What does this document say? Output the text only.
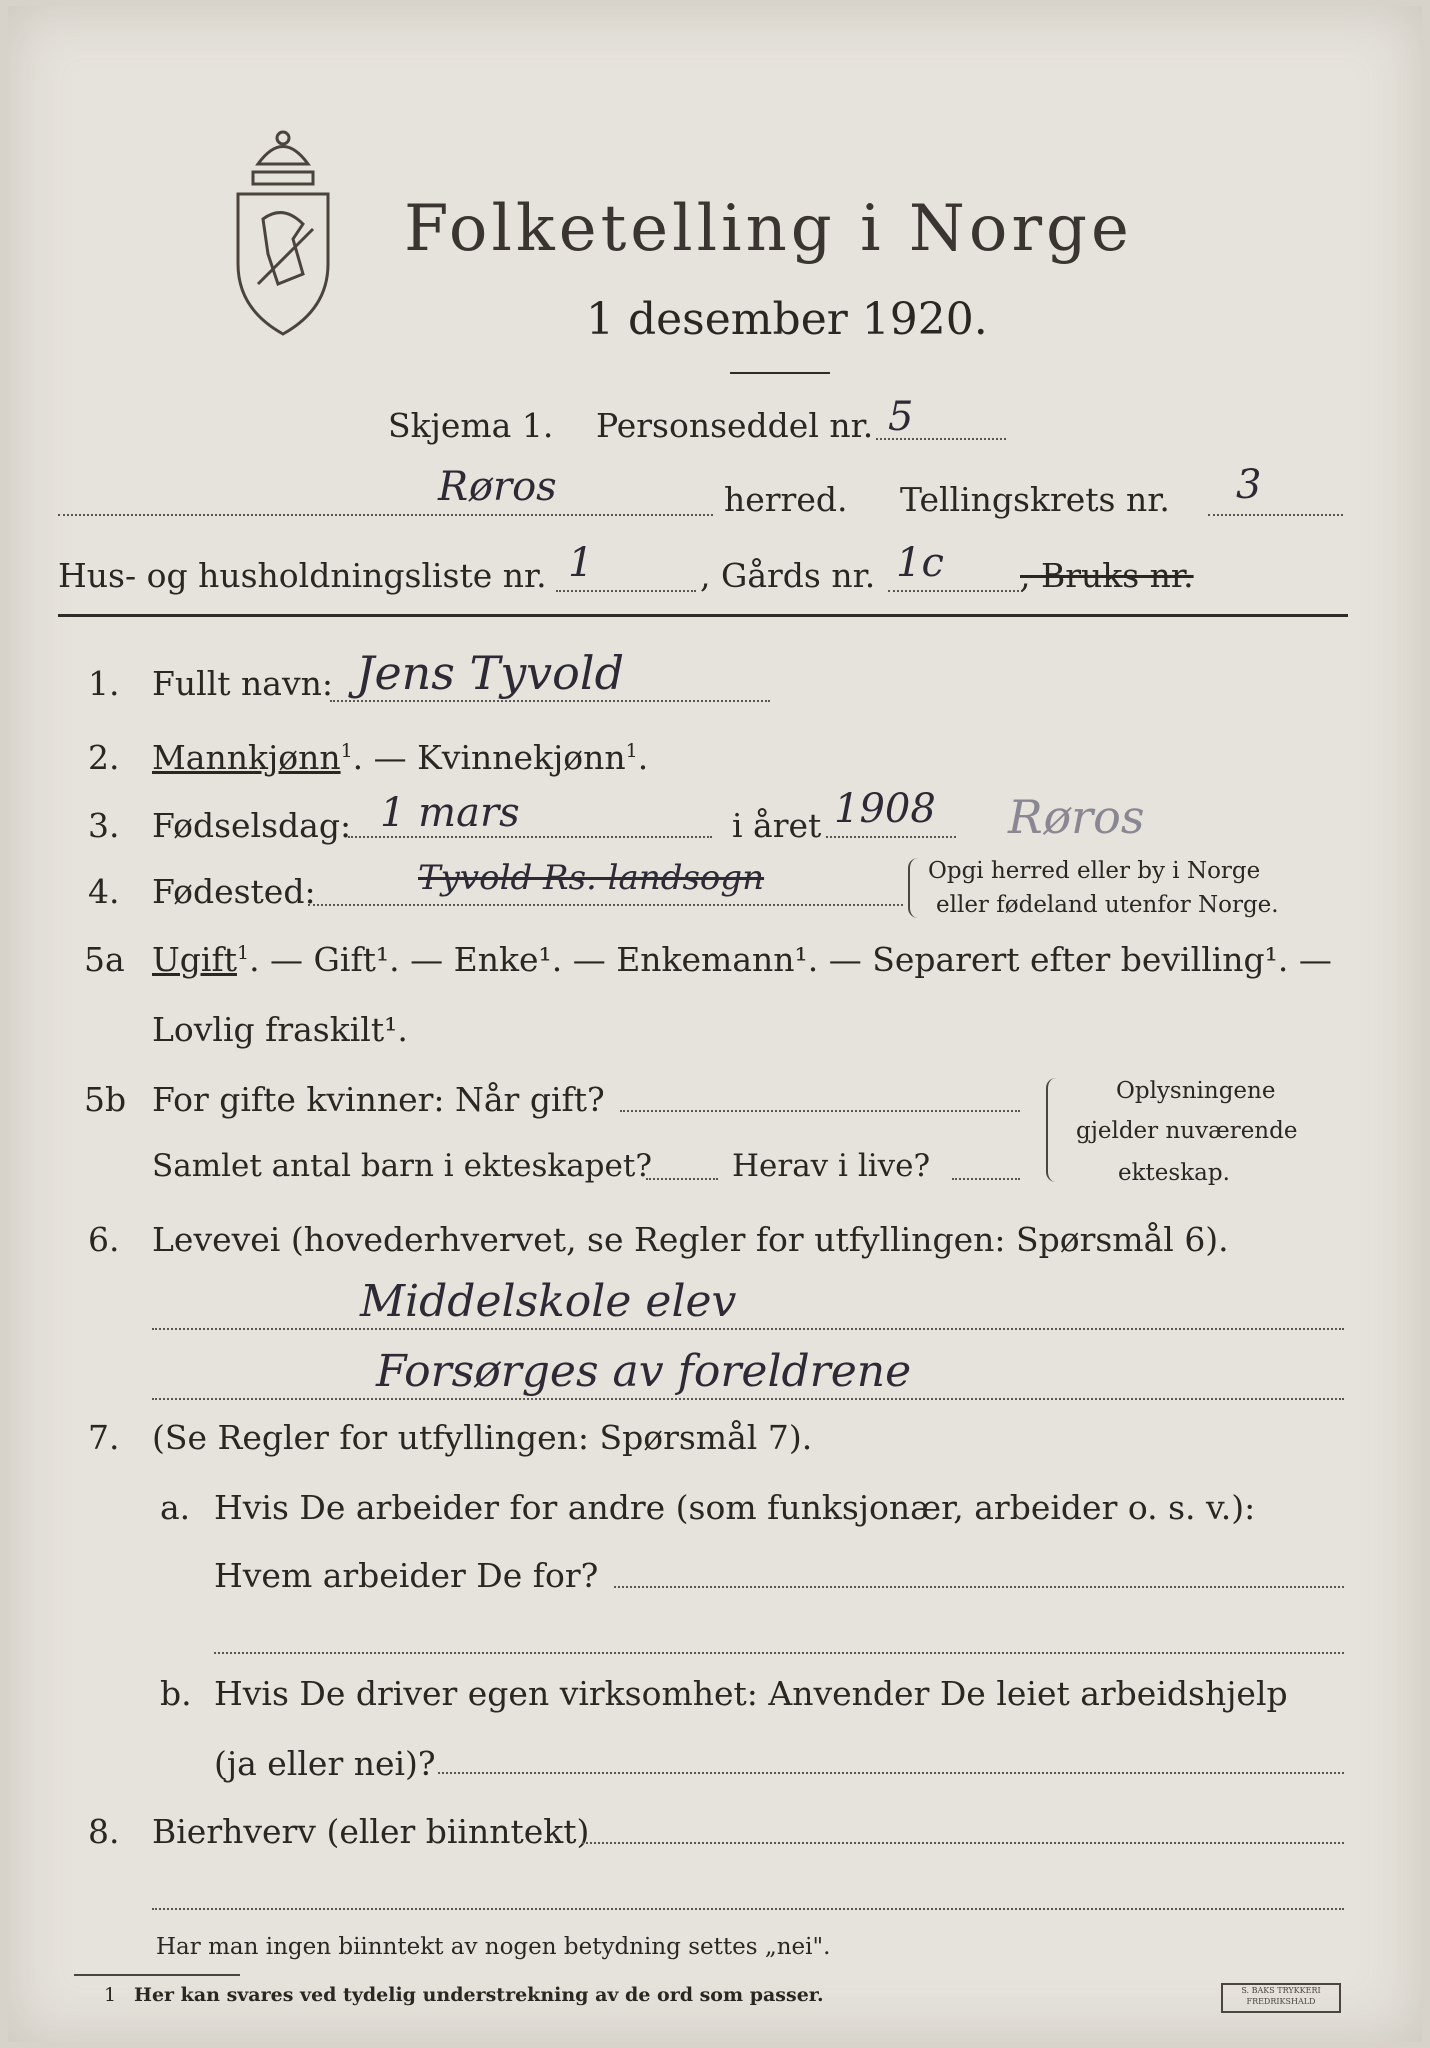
Folketelling i Norge
1 desember 1920.
Skjema 1. Personseddel nr. 5
Røros	herred. Tellingskrets nr. 3
Hus- og husholdningsliste nr. 1	, Gårds nr. 1c , Bruks nr.
1. Fullt navn: Jens Tyvold
2. Mannkjønn$^1$. — Kvinnekjønn$^1$.
3. Fødselsdag: 1 mars	i året 1908 Røros
4. Fødested:	Tyvold Rs. landsogn	Opgi herred eller by i Norge
eller fødeland utenfor Norge.
5a Ugift$^1$. — Gift¹. — Enke¹. — Enkemann¹. — Separert efter bevilling¹. —
Lovlig fraskilt¹.
5b For gifte kvinner: Når gift?
Samlet antal barn i ekteskapet?	Herav i live?
Oplysningene
gjelder nuværende
ekteskap.
6. Levevei (hovederhvervet, se Regler for utfyllingen: Spørsmål 6).
Middelskole elev
Forsørges av foreldrene
7. (Se Regler for utfyllingen: Spørsmål 7).
a. Hvis De arbeider for andre (som funksjonær, arbeider o. s. v.):
Hvem arbeider De for?
b. Hvis De driver egen virksomhet: Anvender De leiet arbeidshjelp
(ja eller nei)?
8. Bierhverv (eller biinntekt)
Har man ingen biinntekt av nogen betydning settes „nei".
1 Her kan svares ved tydelig understrekning av de ord som passer.	S. BAKS TRYKKERI FREDRIKSHALD
